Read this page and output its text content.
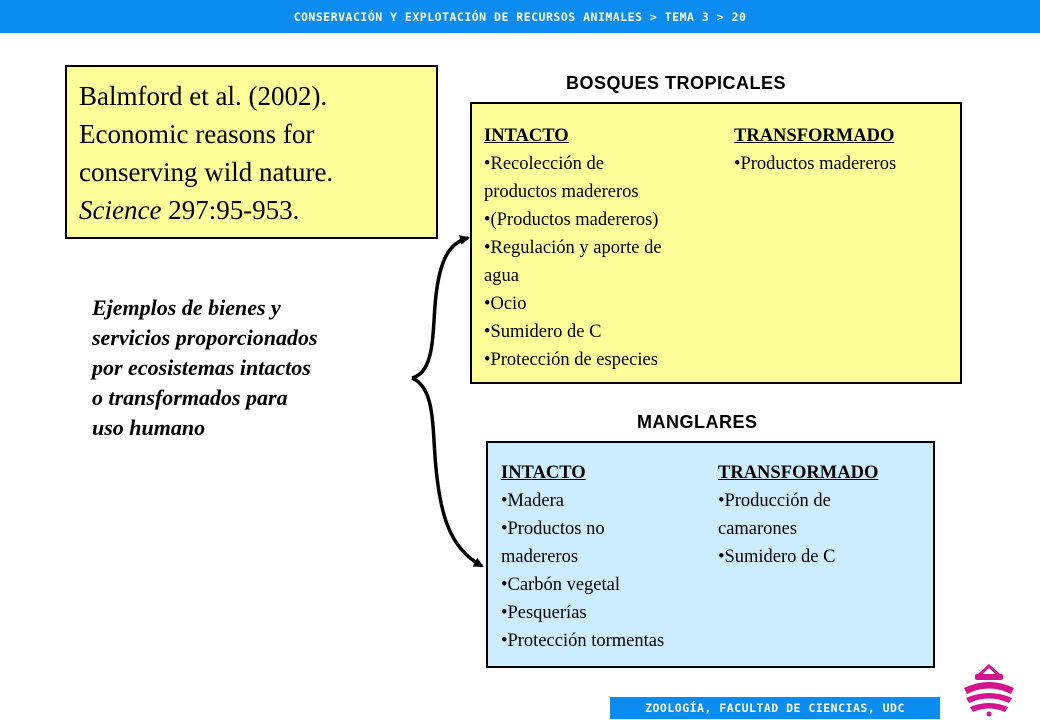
CONSERVACIÓN Y EXPLOTACIÓN DE RECURSOS ANIMALES > TEMA 3 > 20
Balmford et al. (2002).
Economic reasons for
conserving wild nature.
Science 297:95-953.
BOSQUES TROPICALES
INTACTO
•Recolección de
productos madereros
•(Productos madereros)
•Regulación y aporte de
agua
•Ocio
•Sumidero de C
•Protección de especies
TRANSFORMADO
•Productos madereros
MANGLARES
INTACTO
•Madera
•Productos no
madereros
•Carbón vegetal
•Pesquerías
•Protección tormentas
TRANSFORMADO
•Producción de
camarones
•Sumidero de C
Ejemplos de bienes y
servicios proporcionados
por ecosistemas intactos
o transformados para
uso humano
ZOOLOGÍA, FACULTAD DE CIENCIAS, UDC
